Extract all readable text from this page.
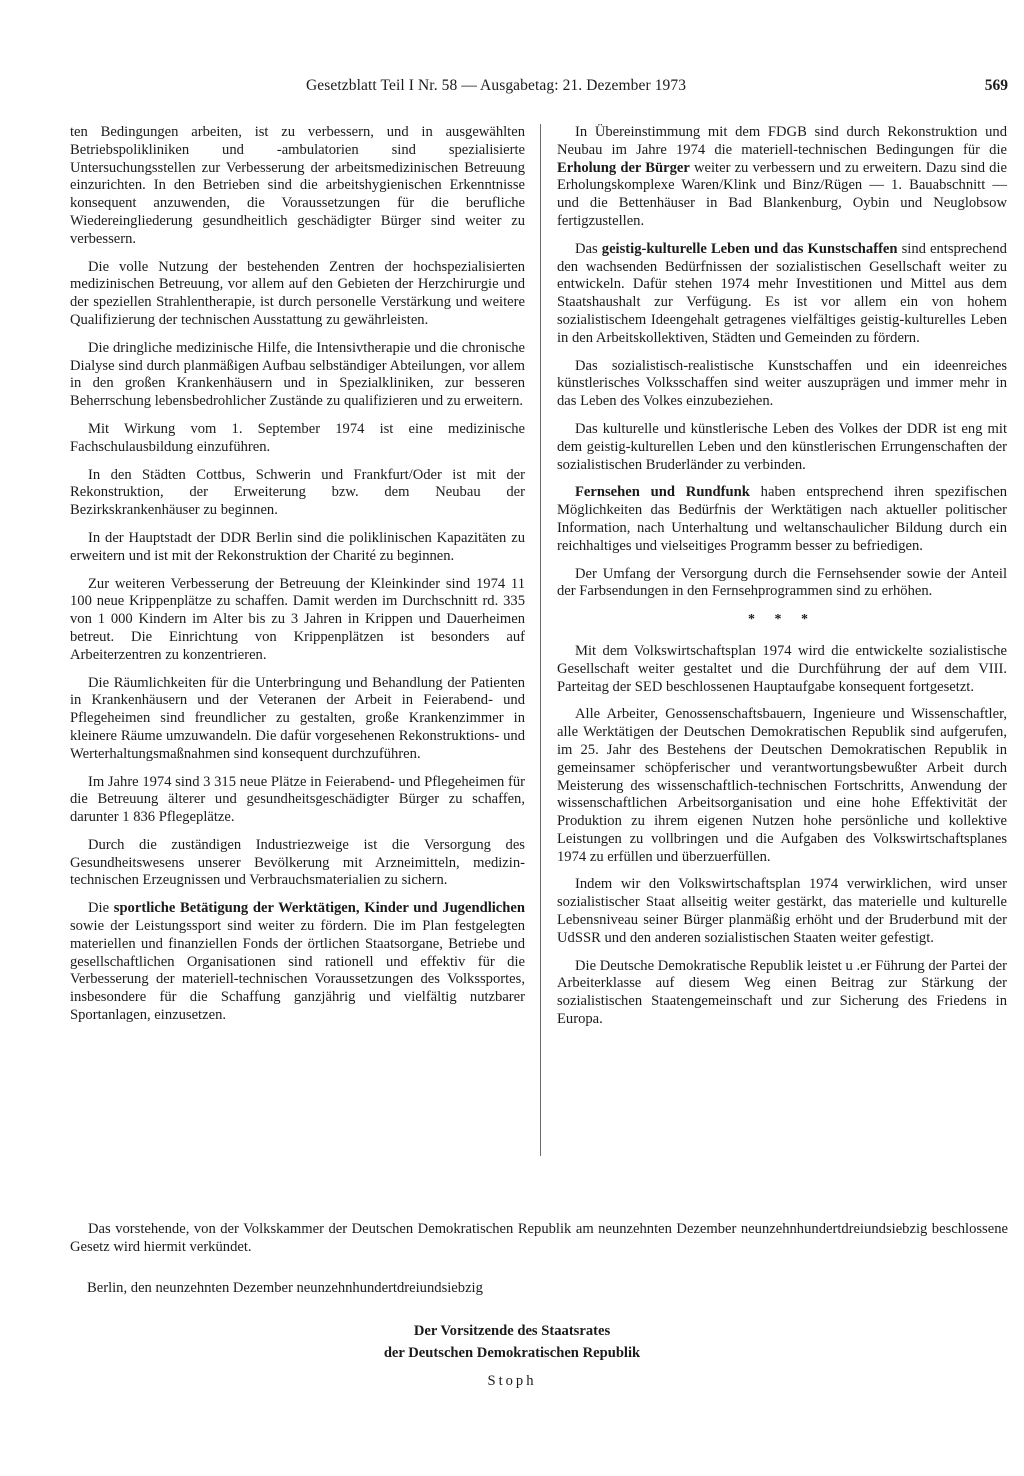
Gesetzblatt Teil I Nr. 58 — Ausgabetag: 21. Dezember 1973	569

ten Bedingungen arbeiten, ist zu verbessern, und in ausgewählten Betriebspolikliniken und -ambulatorien sind spezialisierte Untersuchungsstellen zur Verbesserung der arbeitsmedizinischen Betreuung einzurichten. In den Betrieben sind die arbeitshygienischen Erkenntnisse konsequent anzuwenden, die Voraussetzungen für die berufliche Wiedereingliederung gesundheitlich geschädigter Bürger sind weiter zu verbessern.

Die volle Nutzung der bestehenden Zentren der hochspezialisierten medizinischen Betreuung, vor allem auf den Gebieten der Herzchirurgie und der speziellen Strahlentherapie, ist durch personelle Verstärkung und weitere Qualifizierung der technischen Ausstattung zu gewährleisten.

Die dringliche medizinische Hilfe, die Intensivtherapie und die chronische Dialyse sind durch planmäßigen Aufbau selbständiger Abteilungen, vor allem in den großen Krankenhäusern und in Spezialkliniken, zur besseren Beherrschung lebensbedrohlicher Zustände zu qualifizieren und zu erweitern.

Mit Wirkung vom 1. September 1974 ist eine medizinische Fachschulausbildung einzuführen.

In den Städten Cottbus, Schwerin und Frankfurt/Oder ist mit der Rekonstruktion, der Erweiterung bzw. dem Neubau der Bezirkskrankenhäuser zu beginnen.

In der Hauptstadt der DDR Berlin sind die poliklinischen Kapazitäten zu erweitern und ist mit der Rekonstruktion der Charité zu beginnen.

Zur weiteren Verbesserung der Betreuung der Kleinkinder sind 1974 11 100 neue Krippenplätze zu schaffen. Damit werden im Durchschnitt rd. 335 von 1 000 Kindern im Alter bis zu 3 Jahren in Krippen und Dauerheimen betreut. Die Einrichtung von Krippenplätzen ist besonders auf Arbeiterzentren zu konzentrieren.

Die Räumlichkeiten für die Unterbringung und Behandlung der Patienten in Krankenhäusern und der Veteranen der Arbeit in Feierabend- und Pflegeheimen sind freundlicher zu gestalten, große Krankenzimmer in kleinere Räume umzuwandeln. Die dafür vorgesehenen Rekonstruktions- und Werterhaltungsmaßnahmen sind konsequent durchzuführen.

Im Jahre 1974 sind 3 315 neue Plätze in Feierabend- und Pflegeheimen für die Betreuung älterer und gesundheitsgeschädigter Bürger zu schaffen, darunter 1 836 Pflegeplätze.

Durch die zuständigen Industriezweige ist die Versorgung des Gesundheitswesens unserer Bevölkerung mit Arzneimitteln, medizin-technischen Erzeugnissen und Verbrauchsmaterialien zu sichern.

Die sportliche Betätigung der Werktätigen, Kinder und Jugendlichen sowie der Leistungssport sind weiter zu fördern. Die im Plan festgelegten materiellen und finanziellen Fonds der örtlichen Staatsorgane, Betriebe und gesellschaftlichen Organisationen sind rationell und effektiv für die Verbesserung der materiell-technischen Voraussetzungen des Volkssportes, insbesondere für die Schaffung ganzjährig und vielfältig nutzbarer Sportanlagen, einzusetzen.

In Übereinstimmung mit dem FDGB sind durch Rekonstruktion und Neubau im Jahre 1974 die materiell-technischen Bedingungen für die Erholung der Bürger weiter zu verbessern und zu erweitern. Dazu sind die Erholungskomplexe Waren/Klink und Binz/Rügen — 1. Bauabschnitt — und die Bettenhäuser in Bad Blankenburg, Oybin und Neuglobsow fertigzustellen.

Das geistig-kulturelle Leben und das Kunstschaffen sind entsprechend den wachsenden Bedürfnissen der sozialistischen Gesellschaft weiter zu entwickeln. Dafür stehen 1974 mehr Investitionen und Mittel aus dem Staatshaushalt zur Verfügung. Es ist vor allem ein von hohem sozialistischem Ideengehalt getragenes vielfältiges geistig-kulturelles Leben in den Arbeitskollektiven, Städten und Gemeinden zu fördern.

Das sozialistisch-realistische Kunstschaffen und ein ideenreiches künstlerisches Volksschaffen sind weiter auszuprägen und immer mehr in das Leben des Volkes einzubeziehen.

Das kulturelle und künstlerische Leben des Volkes der DDR ist eng mit dem geistig-kulturellen Leben und den künstlerischen Errungenschaften der sozialistischen Bruderländer zu verbinden.

Fernsehen und Rundfunk haben entsprechend ihren spezifischen Möglichkeiten das Bedürfnis der Werktätigen nach aktueller politischer Information, nach Unterhaltung und weltanschaulicher Bildung durch ein reichhaltiges und vielseitiges Programm besser zu befriedigen.

Der Umfang der Versorgung durch die Fernsehsender sowie der Anteil der Farbsendungen in den Fernsehprogrammen sind zu erhöhen.

* * *

Mit dem Volkswirtschaftsplan 1974 wird die entwickelte sozialistische Gesellschaft weiter gestaltet und die Durchführung der auf dem VIII. Parteitag der SED beschlossenen Hauptaufgabe konsequent fortgesetzt.

Alle Arbeiter, Genossenschaftsbauern, Ingenieure und Wissenschaftler, alle Werktätigen der Deutschen Demokratischen Republik sind aufgerufen, im 25. Jahr des Bestehens der Deutschen Demokratischen Republik in gemeinsamer schöpferischer und verantwortungsbewußter Arbeit durch Meisterung des wissenschaftlich-technischen Fortschritts, Anwendung der wissenschaftlichen Arbeitsorganisation und eine hohe Effektivität der Produktion zu ihrem eigenen Nutzen hohe persönliche und kollektive Leistungen zu vollbringen und die Aufgaben des Volkswirtschaftsplanes 1974 zu erfüllen und überzuerfüllen.

Indem wir den Volkswirtschaftsplan 1974 verwirklichen, wird unser sozialistischer Staat allseitig weiter gestärkt, das materielle und kulturelle Lebensniveau seiner Bürger planmäßig erhöht und der Bruderbund mit der UdSSR und den anderen sozialistischen Staaten weiter gefestigt.

Die Deutsche Demokratische Republik leistet u .er Führung der Partei der Arbeiterklasse auf diesem Weg einen Beitrag zur Stärkung der sozialistischen Staatengemeinschaft und zur Sicherung des Friedens in Europa.

Das vorstehende, von der Volkskammer der Deutschen Demokratischen Republik am neunzehnten Dezember neunzehnhundertdreiundsiebzig beschlossene Gesetz wird hiermit verkündet.
Berlin, den neunzehnten Dezember neunzehnhundertdreiundsiebzig
Der Vorsitzende des Staatsrates
der Deutschen Demokratischen Republik
Stoph
